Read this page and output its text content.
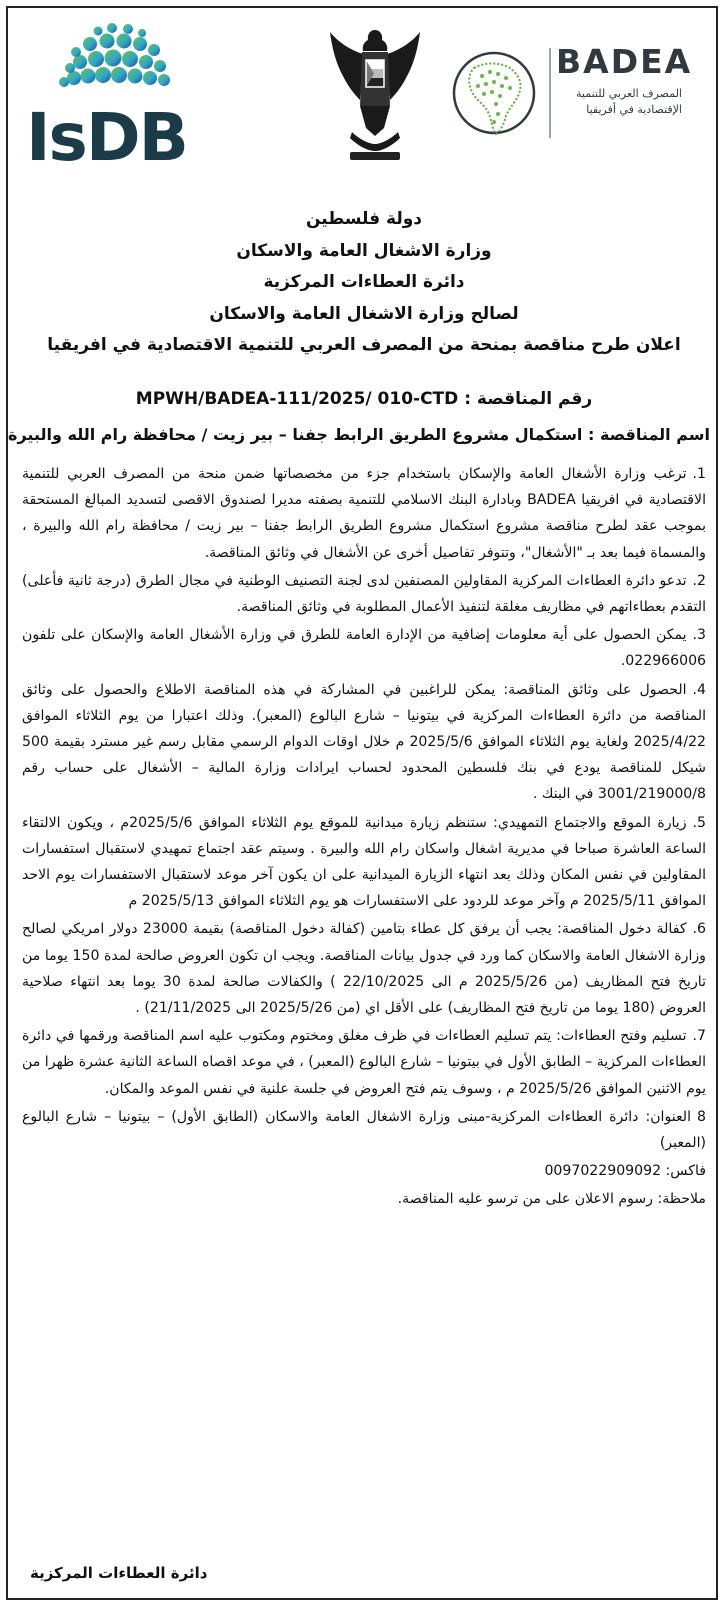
IsDB
BADEA
المصرف العربي للتنمية الإقتصادية في أفريقيا
دولة فلسطين
وزارة الاشغال العامة والاسكان
دائرة العطاءات المركزية
لصالح وزارة الاشغال العامة والاسكان
اعلان طرح مناقصة بمنحة من المصرف العربي للتنمية الاقتصادية في افريقيا
MPWH/BADEA-111/2025/ 010-CTD رقم المناقصة :
اسم المناقصة : استكمال مشروع الطريق الرابط جفنا – بير زيت / محافظة رام الله والبيرة

1.ترغب وزارة الأشغال العامة والإسكان باستخدام جزء من مخصصاتها ضمن منحة من المصرف العربي للتنمية الاقتصادية في افريقيا BADEA وبادارة البنك الاسلامي للتنمية بصفته مديرا لصندوق الاقصى لتسديد المبالغ المستحقة بموجب عقد لطرح مناقصة مشروع استكمال مشروع الطريق الرابط جفنا – بير زيت / محافظة رام الله والبيرة ، والمسماة فيما بعد بـ "الأشغال"، وتتوفر تفاصيل أخرى عن الأشغال في وثائق المناقصة.

2.تدعو دائرة العطاءات المركزية المقاولين المصنفين لدى لجنة التصنيف الوطنية في مجال الطرق (درجة ثانية فأعلى) التقدم بعطاءاتهم في مظاريف مغلقة لتنفيذ الأعمال المطلوبة في وثائق المناقصة.

3.يمكن الحصول على أية معلومات إضافية من الإدارة العامة للطرق في وزارة الأشغال العامة والإسكان على تلفون 022966006.

4.الحصول على وثائق المناقصة: يمكن للراغبين في المشاركة في هذه المناقصة الاطلاع والحصول على وثائق المناقصة من دائرة العطاءات المركزية في بيتونيا – شارع البالوع (المعبر). وذلك اعتبارا من يوم الثلاثاء الموافق 2025/4/22 ولغاية يوم الثلاثاء الموافق 2025/5/6 م خلال اوقات الدوام الرسمي مقابل رسم غير مسترد بقيمة 500 شيكل للمناقصة يودع في بنك فلسطين المحدود لحساب ايرادات وزارة المالية – الأشغال على حساب رقم 3001/219000/8 في البنك .

5.زيارة الموقع والاجتماع التمهيدي: ستنظم زيارة ميدانية للموقع يوم الثلاثاء الموافق 2025/5/6م ، ويكون الالتقاء الساعة العاشرة صباحا في مديرية اشغال واسكان رام الله والبيرة . وسيتم عقد اجتماع تمهيدي لاستقبال استفسارات المقاولين في نفس المكان وذلك بعد انتهاء الزيارة الميدانية على ان يكون آخر موعد لاستقبال الاستفسارات يوم الاحد الموافق 2025/5/11 م وآخر موعد للردود على الاستفسارات هو يوم الثلاثاء الموافق 2025/5/13 م

6.كفالة دخول المناقصة: يجب أن يرفق كل عطاء بتامين (كفالة دخول المناقصة) بقيمة 23000 دولار امريكي لصالح وزارة الاشغال العامة والاسكان كما ورد في جدول بيانات المناقصة. ويجب ان تكون العروض صالحة لمدة 150 يوما من تاريخ فتح المظاريف (من 2025/5/26 م الى 22/10/2025 ) والكفالات صالحة لمدة 30 يوما بعد انتهاء صلاحية العروض (180 يوما من تاريخ فتح المظاريف) على الأقل اي (من 2025/5/26 الى 21/11/2025) .

7.تسليم وفتح العطاءات: يتم تسليم العطاءات في ظرف مغلق ومختوم ومكتوب عليه اسم المناقصة ورقمها في دائرة العطاءات المركزية – الطابق الأول في بيتونيا – شارع البالوع (المعبر) ، في موعد اقصاه الساعة الثانية عشرة ظهرا من يوم الاثنين الموافق 2025/5/26 م ، وسوف يتم فتح العروض في جلسة علنية في نفس الموعد والمكان.

8العنوان: دائرة العطاءات المركزية-مبنى وزارة الاشغال العامة والاسكان (الطابق الأول) – بيتونيا – شارع البالوع (المعبر)

فاكس: 0097022909092

ملاحظة: رسوم الاعلان على من ترسو عليه المناقصة.

دائرة العطاءات المركزية
